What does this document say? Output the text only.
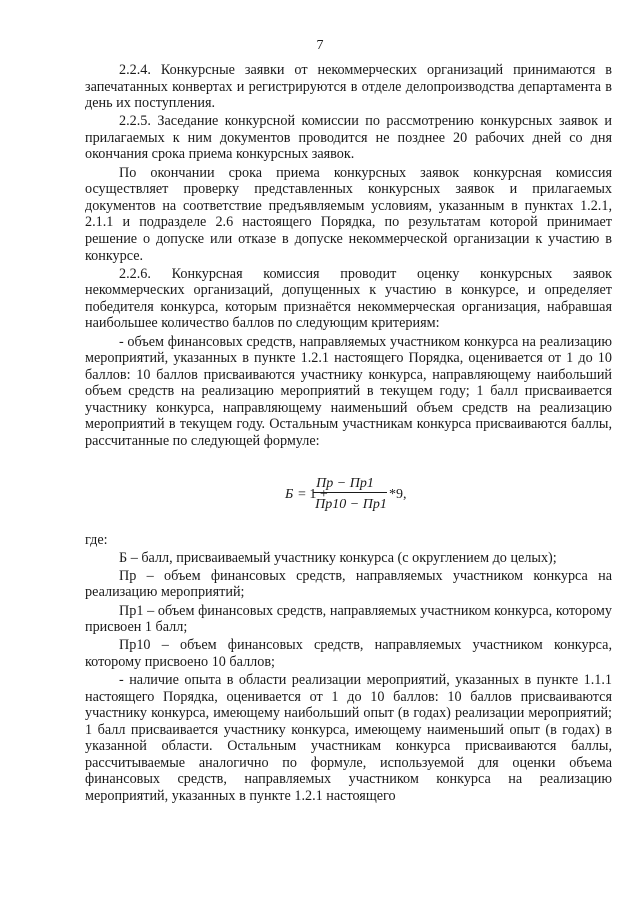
7

2.2.4. Конкурсные заявки от некоммерческих организаций принимаются в запечатанных конвертах и регистрируются в отделе делопроизводства департамента в день их поступления.

2.2.5. Заседание конкурсной комиссии по рассмотрению конкурсных заявок и прилагаемых к ним документов проводится не позднее 20 рабочих дней со дня окончания срока приема конкурсных заявок.

По окончании срока приема конкурсных заявок конкурсная комиссия осуществляет проверку представленных конкурсных заявок и прилагаемых документов на соответствие предъявляемым условиям, указанным в пунктах 1.2.1, 2.1.1 и подразделе 2.6 настоящего Порядка, по результатам которой принимает решение о допуске или отказе в допуске некоммерческой организации к участию в конкурсе.

2.2.6. Конкурсная комиссия проводит оценку конкурсных заявок некоммерческих организаций, допущенных к участию в конкурсе, и определяет победителя конкурса, которым признаётся некоммерческая организация, набравшая наибольшее количество баллов по следующим критериям:

- объем финансовых средств, направляемых участником конкурса на реализацию мероприятий, указанных в пункте 1.2.1 настоящего Порядка, оценивается от 1 до 10 баллов: 10 баллов присваиваются участнику конкурса, направляющему наибольший объем средств на реализацию мероприятий в текущем году; 1 балл присваивается участнику конкурса, направляющему наименьший объем средств на реализацию мероприятий в текущем году. Остальным участникам конкурса присваиваются баллы, рассчитанные по следующей формуле:

Б = 1 +
Пр − Пр1
Пр10 − Пр1
*9,

где:

Б – балл, присваиваемый участнику конкурса (с округлением до целых);

Пр – объем финансовых средств, направляемых участником конкурса на реализацию мероприятий;

Пр1 – объем финансовых средств, направляемых участником конкурса, которому присвоен 1 балл;

Пр10 – объем финансовых средств, направляемых участником конкурса, которому присвоено 10 баллов;

- наличие опыта в области реализации мероприятий, указанных в пункте 1.1.1 настоящего Порядка, оценивается от 1 до 10 баллов: 10 баллов присваиваются участнику конкурса, имеющему наибольший опыт (в годах) реализации мероприятий; 1 балл присваивается участнику конкурса, имеющему наименьший опыт (в годах) в указанной области. Остальным участникам конкурса присваиваются баллы, рассчитываемые аналогично по формуле, используемой для оценки объема финансовых средств, направляемых участником конкурса на реализацию мероприятий, указанных в пункте 1.2.1 настоящего
